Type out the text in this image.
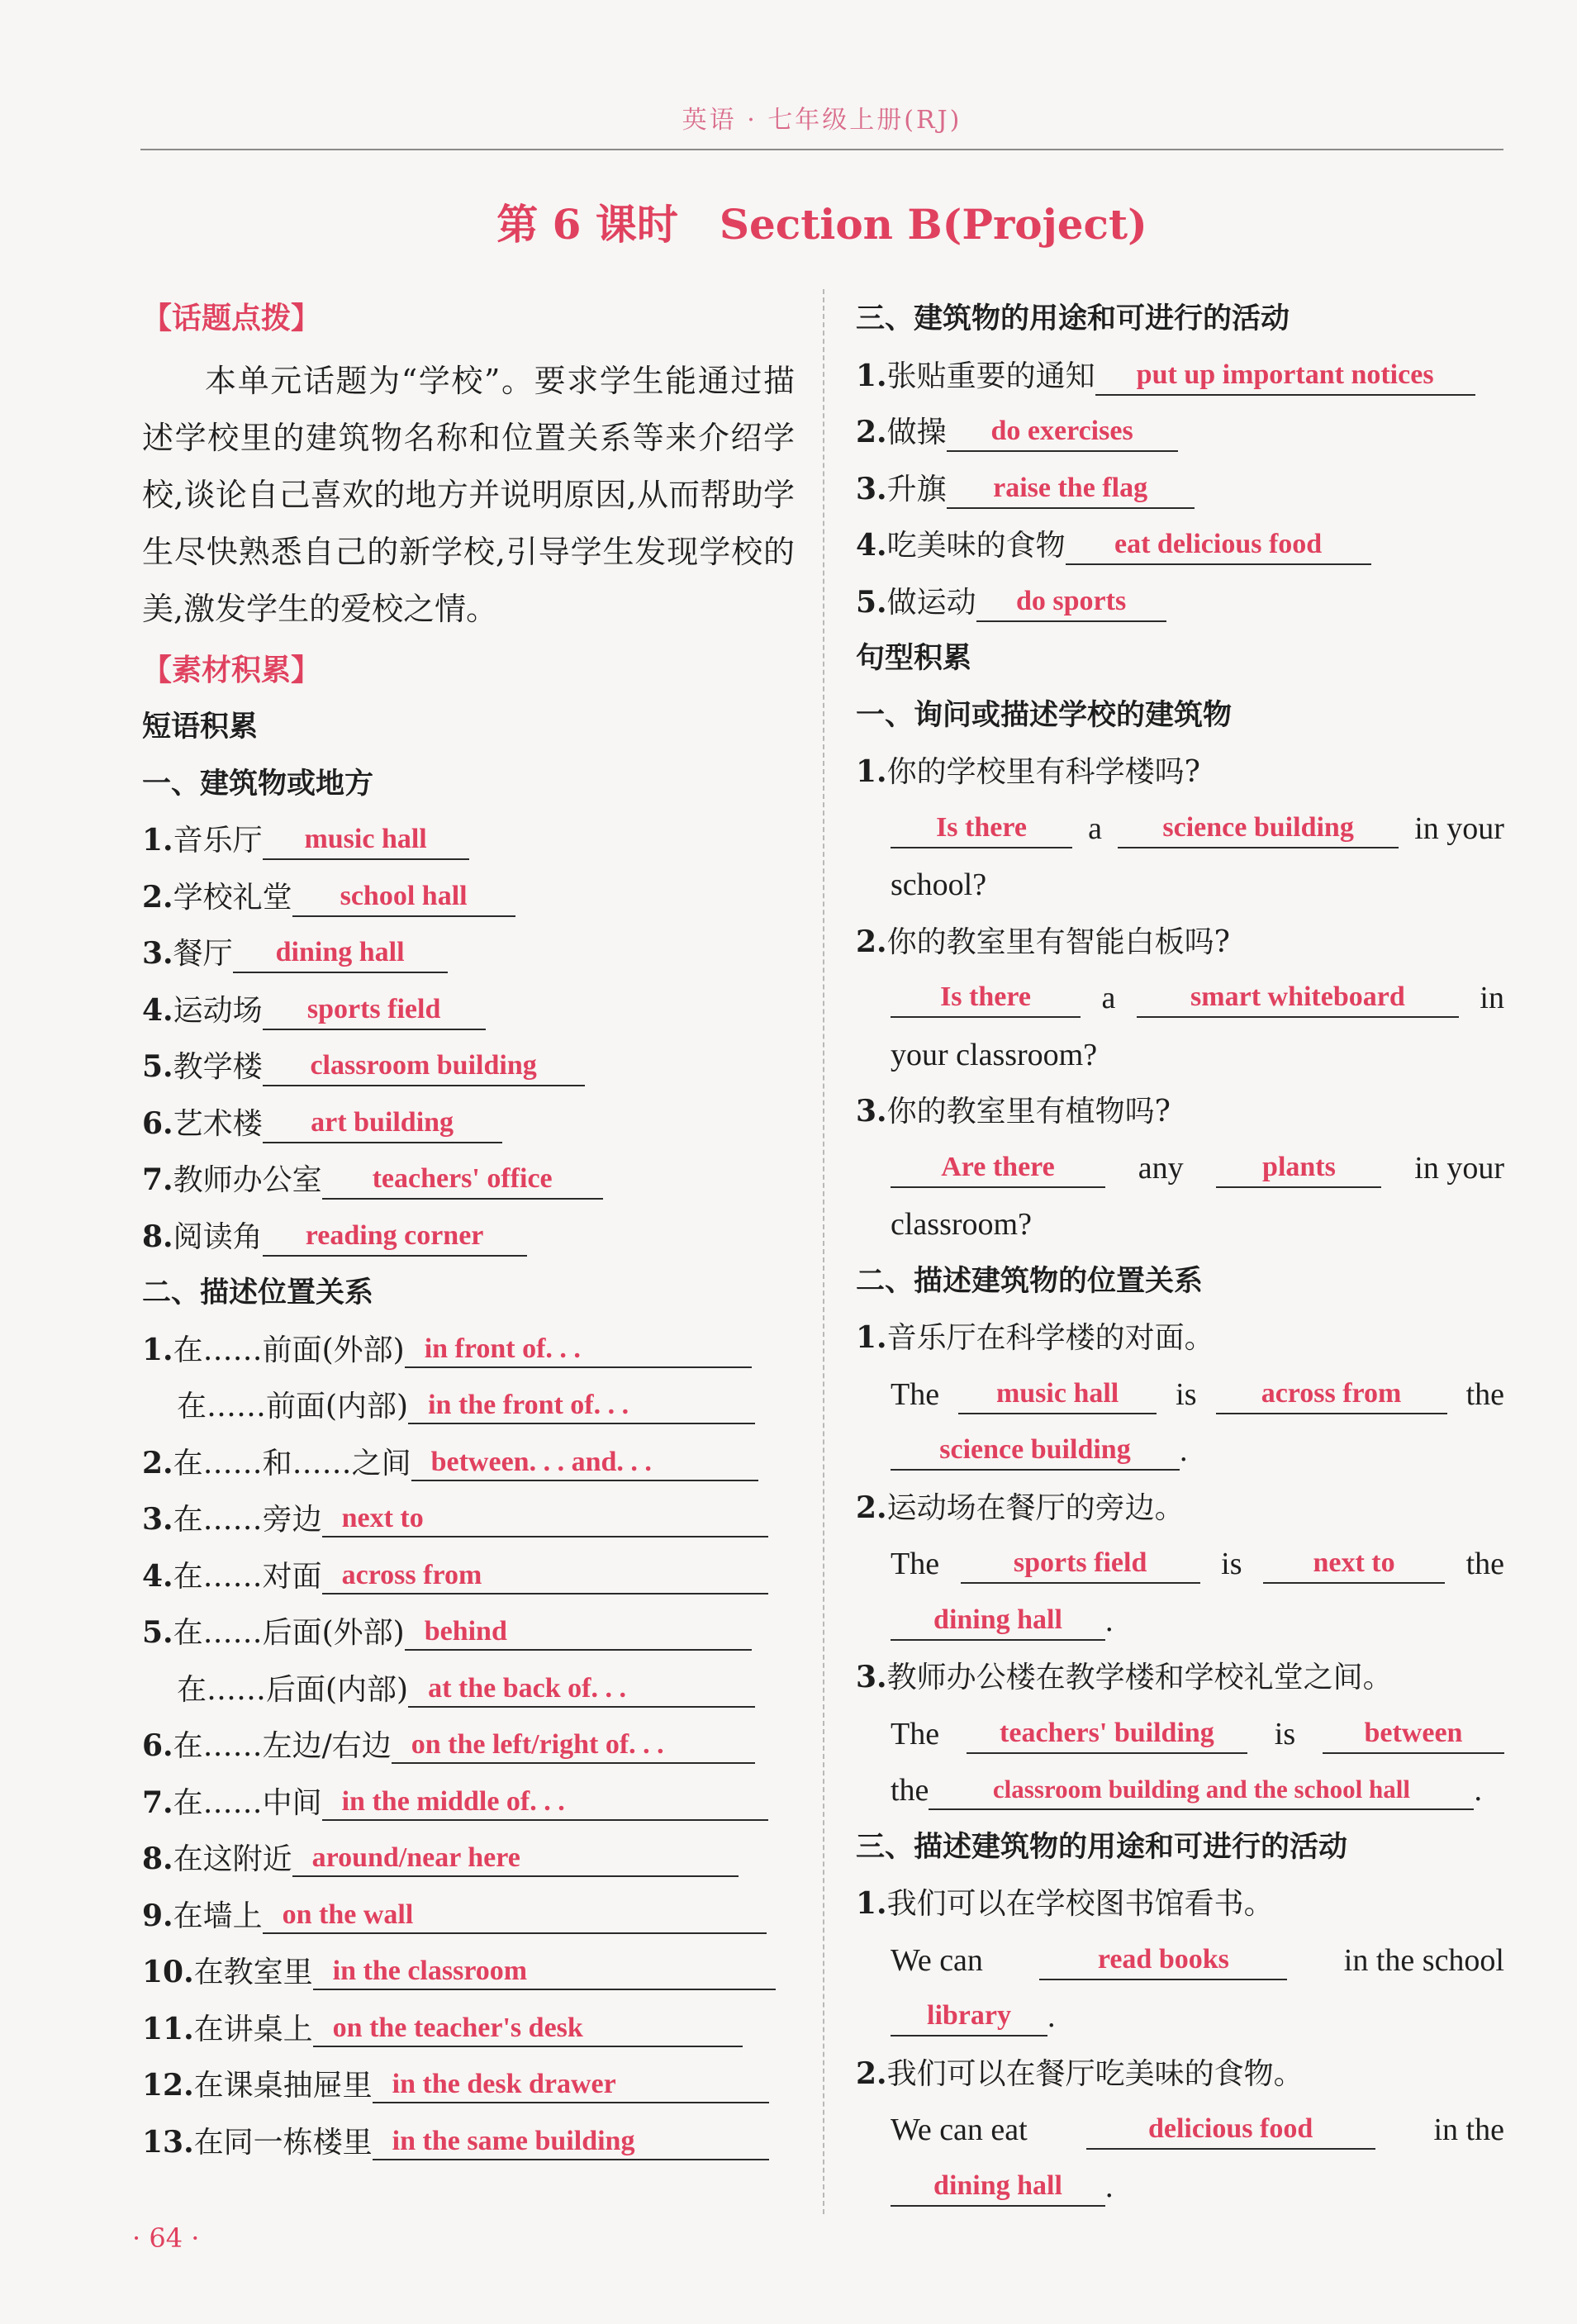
英语 · 七年级上册(RJ)
第 6 课时 Section B(Project)
【话题点拨】

本单元话题为“学校”。要求学生能通过描述学校里的建筑物名称和位置关系等来介绍学校,谈论自己喜欢的地方并说明原因,从而帮助学生尽快熟悉自己的新学校,引导学生发现学校的美,激发学生的爱校之情。

【素材积累】
短语积累
一、建筑物或地方
1.音乐厅 music hall
2.学校礼堂 school hall
3.餐厅 dining hall
4.运动场 sports field
5.教学楼 classroom building
6.艺术楼 art building
7.教师办公室 teachers' office
8.阅读角 reading corner
二、描述位置关系
1.在……前面(外部) in front of. . .
在……前面(内部) in the front of. . .
2.在……和……之间 between. . . and. . .
3.在……旁边 next to
4.在……对面 across from
5.在……后面(外部) behind
在……后面(内部) at the back of. . .
6.在……左边/右边 on the left/right of. . .
7.在……中间 in the middle of. . .
8.在这附近 around/near here
9.在墙上 on the wall
10.在教室里 in the classroom
11.在讲桌上 on the teacher's desk
12.在课桌抽屉里 in the desk drawer
13.在同一栋楼里 in the same building
三、建筑物的用途和可进行的活动
1.张贴重要的通知 put up important notices
2.做操 do exercises
3.升旗 raise the flag
4.吃美味的食物 eat delicious food
5.做运动 do sports
句型积累
一、询问或描述学校的建筑物
1.你的学校里有科学楼吗?
Is there	a	science building	in your
school?
2.你的教室里有智能白板吗?
Is there	a	smart whiteboard	in
your classroom?
3.你的教室里有植物吗?
Are there	any	plants	in your
classroom?
二、描述建筑物的位置关系
1.音乐厅在科学楼的对面。
The	music hall	is	across from	the
science building .
2.运动场在餐厅的旁边。
The	sports field	is	next to	the
dining hall .
3.教师办公楼在教学楼和学校礼堂之间。
The	teachers' building	is	between
the classroom building and the school hall .
三、描述建筑物的用途和可进行的活动
1.我们可以在学校图书馆看书。
We can	read books	in the school
library .
2.我们可以在餐厅吃美味的食物。
We can eat	delicious food	in the
dining hall .
· 64 ·
